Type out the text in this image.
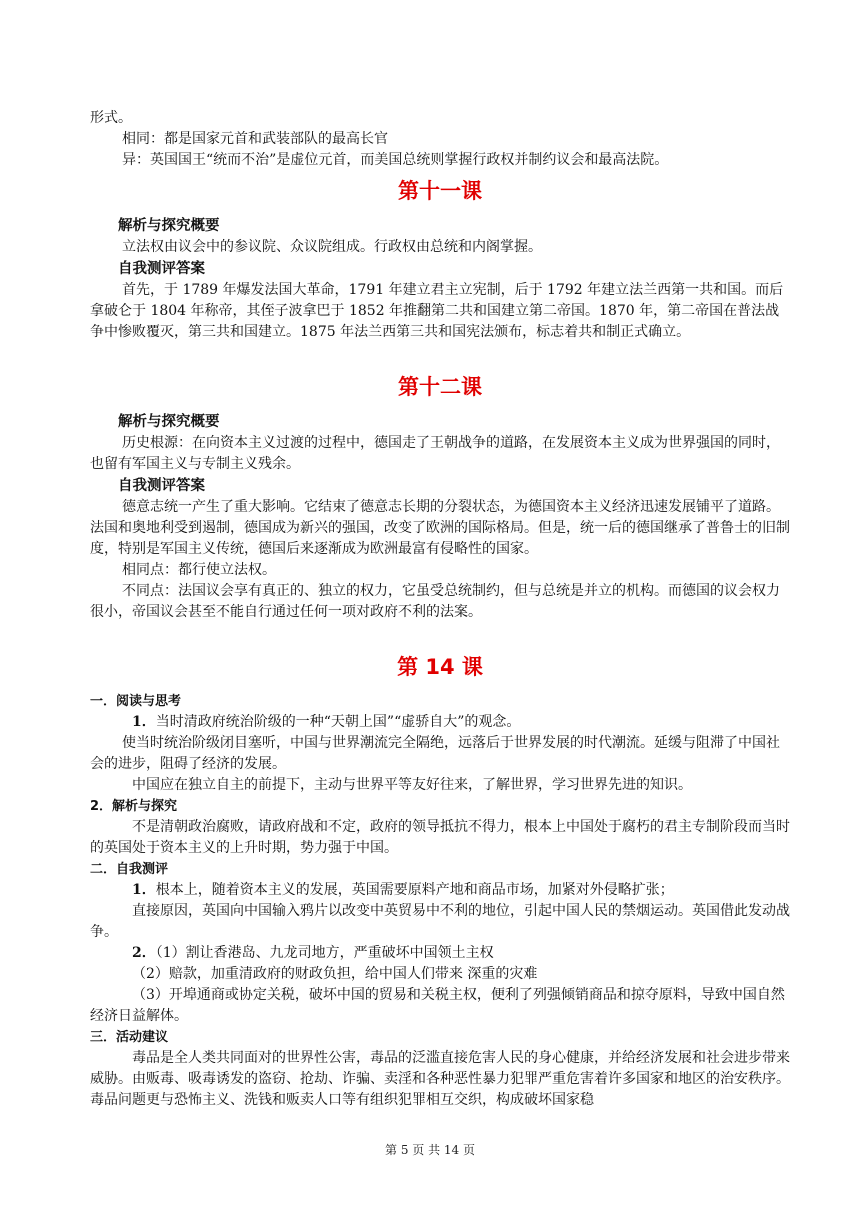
形式。

相同：都是国家元首和武装部队的最高长官

异：英国国王“统而不治”是虚位元首，而美国总统则掌握行政权并制约议会和最高法院。

第十一课
解析与探究概要

立法权由议会中的参议院、众议院组成。行政权由总统和内阁掌握。

自我测评答案

首先，于 1789 年爆发法国大革命，1791 年建立君主立宪制，后于 1792 年建立法兰西第一共和国。而后拿破仑于 1804 年称帝，其侄子波拿巴于 1852 年推翻第二共和国建立第二帝国。1870 年，第二帝国在普法战争中惨败覆灭，第三共和国建立。1875 年法兰西第三共和国宪法颁布，标志着共和制正式确立。

第十二课
解析与探究概要

历史根源：在向资本主义过渡的过程中，德国走了王朝战争的道路，在发展资本主义成为世界强国的同时，也留有军国主义与专制主义残余。

自我测评答案

德意志统一产生了重大影响。它结束了德意志长期的分裂状态，为德国资本主义经济迅速发展铺平了道路。法国和奥地利受到遏制，德国成为新兴的强国，改变了欧洲的国际格局。但是，统一后的德国继承了普鲁士的旧制度，特别是军国主义传统，德国后来逐渐成为欧洲最富有侵略性的国家。

相同点：都行使立法权。

不同点：法国议会享有真正的、独立的权力，它虽受总统制约，但与总统是并立的机构。而德国的议会权力很小，帝国议会甚至不能自行通过任何一项对政府不利的法案。

第 14 课
一．阅读与思考

1．当时清政府统治阶级的一种“天朝上国”“虚骄自大”的观念。

使当时统治阶级闭目塞听，中国与世界潮流完全隔绝，远落后于世界发展的时代潮流。延缓与阻滞了中国社会的进步，阻碍了经济的发展。

中国应在独立自主的前提下，主动与世界平等友好往来，了解世界，学习世界先进的知识。

2．解析与探究

不是清朝政治腐败，请政府战和不定，政府的领导抵抗不得力，根本上中国处于腐朽的君主专制阶段而当时的英国处于资本主义的上升时期，势力强于中国。

二．自我测评

1．根本上，随着资本主义的发展，英国需要原料产地和商品市场，加紧对外侵略扩张；

直接原因，英国向中国输入鸦片以改变中英贸易中不利的地位，引起中国人民的禁烟运动。英国借此发动战争。

2．（1）割让香港岛、九龙司地方，严重破坏中国领土主权

（2）赔款，加重清政府的财政负担，给中国人们带来 深重的灾难

（3）开埠通商或协定关税，破坏中国的贸易和关税主权，便利了列强倾销商品和掠夺原料，导致中国自然经济日益解体。

三．活动建议

毒品是全人类共同面对的世界性公害，毒品的泛滥直接危害人民的身心健康，并给经济发展和社会进步带来威胁。由贩毒、吸毒诱发的盗窃、抢劫、诈骗、卖淫和各种恶性暴力犯罪严重危害着许多国家和地区的治安秩序。毒品问题更与恐怖主义、洗钱和贩卖人口等有组织犯罪相互交织，构成破坏国家稳

第 5 页 共 14 页
